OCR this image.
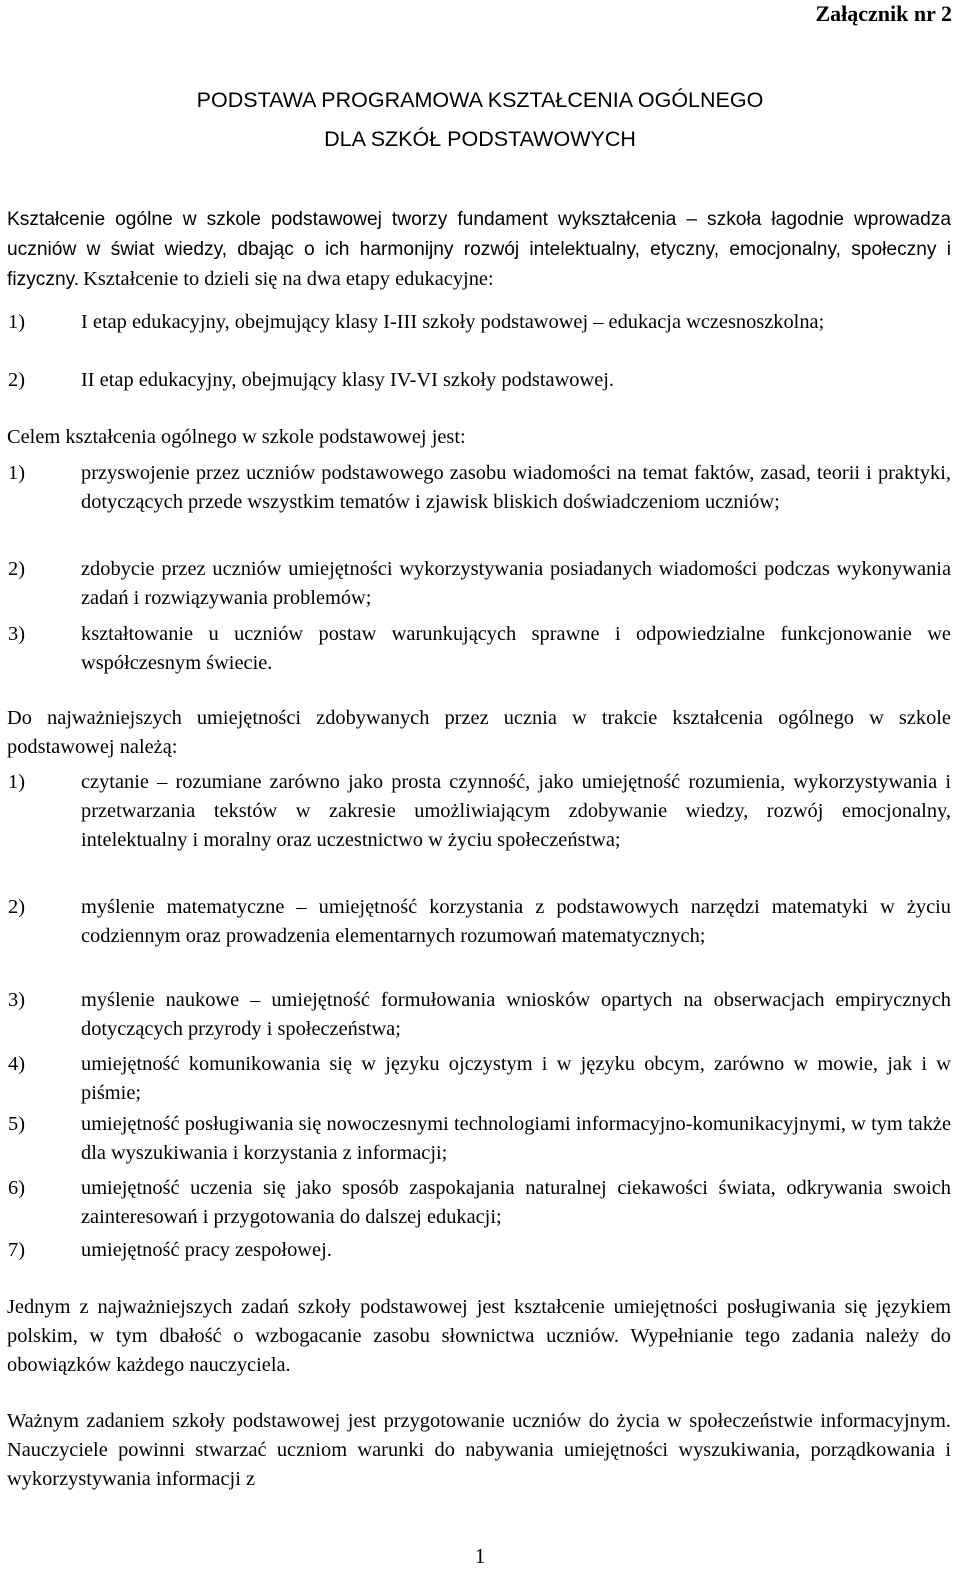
Załącznik nr 2
PODSTAWA PROGRAMOWA KSZTAŁCENIA OGÓLNEGO
DLA SZKÓŁ PODSTAWOWYCH

Kształcenie ogólne w szkole podstawowej tworzy fundament wykształcenia – szkoła łagodnie wprowadza uczniów w świat wiedzy, dbając o ich harmonijny rozwój intelektualny, etyczny, emocjonalny, społeczny i fizyczny. Kształcenie to dzieli się na dwa etapy edukacyjne:

1)	I etap edukacyjny, obejmujący klasy I-III szkoły podstawowej – edukacja wczesnoszkolna;
2)	II etap edukacyjny, obejmujący klasy IV-VI szkoły podstawowej.

Celem kształcenia ogólnego w szkole podstawowej jest:

1)	przyswojenie przez uczniów podstawowego zasobu wiadomości na temat faktów, zasad, teorii i praktyki, dotyczących przede wszystkim tematów i zjawisk bliskich doświadczeniom uczniów;
2)	zdobycie przez uczniów umiejętności wykorzystywania posiadanych wiadomości podczas wykonywania zadań i rozwiązywania problemów;
3)	kształtowanie u uczniów postaw warunkujących sprawne i odpowiedzialne funkcjonowanie we współczesnym świecie.

Do najważniejszych umiejętności zdobywanych przez ucznia w trakcie kształcenia ogólnego w szkole podstawowej należą:

1)	czytanie – rozumiane zarówno jako prosta czynność, jako umiejętność rozumienia, wykorzystywania i przetwarzania tekstów w zakresie umożliwiającym zdobywanie wiedzy, rozwój emocjonalny, intelektualny i moralny oraz uczestnictwo w życiu społeczeństwa;
2)	myślenie matematyczne – umiejętność korzystania z podstawowych narzędzi matematyki w życiu codziennym oraz prowadzenia elementarnych rozumowań matematycznych;
3)	myślenie naukowe – umiejętność formułowania wniosków opartych na obserwacjach empirycznych dotyczących przyrody i społeczeństwa;
4)	umiejętność komunikowania się w języku ojczystym i w języku obcym, zarówno w mowie, jak i w piśmie;
5)	umiejętność posługiwania się nowoczesnymi technologiami informacyjno-komunikacyjnymi, w tym także dla wyszukiwania i korzystania z informacji;
6)	umiejętność uczenia się jako sposób zaspokajania naturalnej ciekawości świata, odkrywania swoich zainteresowań i przygotowania do dalszej edukacji;
7)	umiejętność pracy zespołowej.

Jednym z najważniejszych zadań szkoły podstawowej jest kształcenie umiejętności posługiwania się językiem polskim, w tym dbałość o wzbogacanie zasobu słownictwa uczniów. Wypełnianie tego zadania należy do obowiązków każdego nauczyciela.

Ważnym zadaniem szkoły podstawowej jest przygotowanie uczniów do życia w społeczeństwie informacyjnym. Nauczyciele powinni stwarzać uczniom warunki do nabywania umiejętności wyszukiwania, porządkowania i wykorzystywania informacji z

1
